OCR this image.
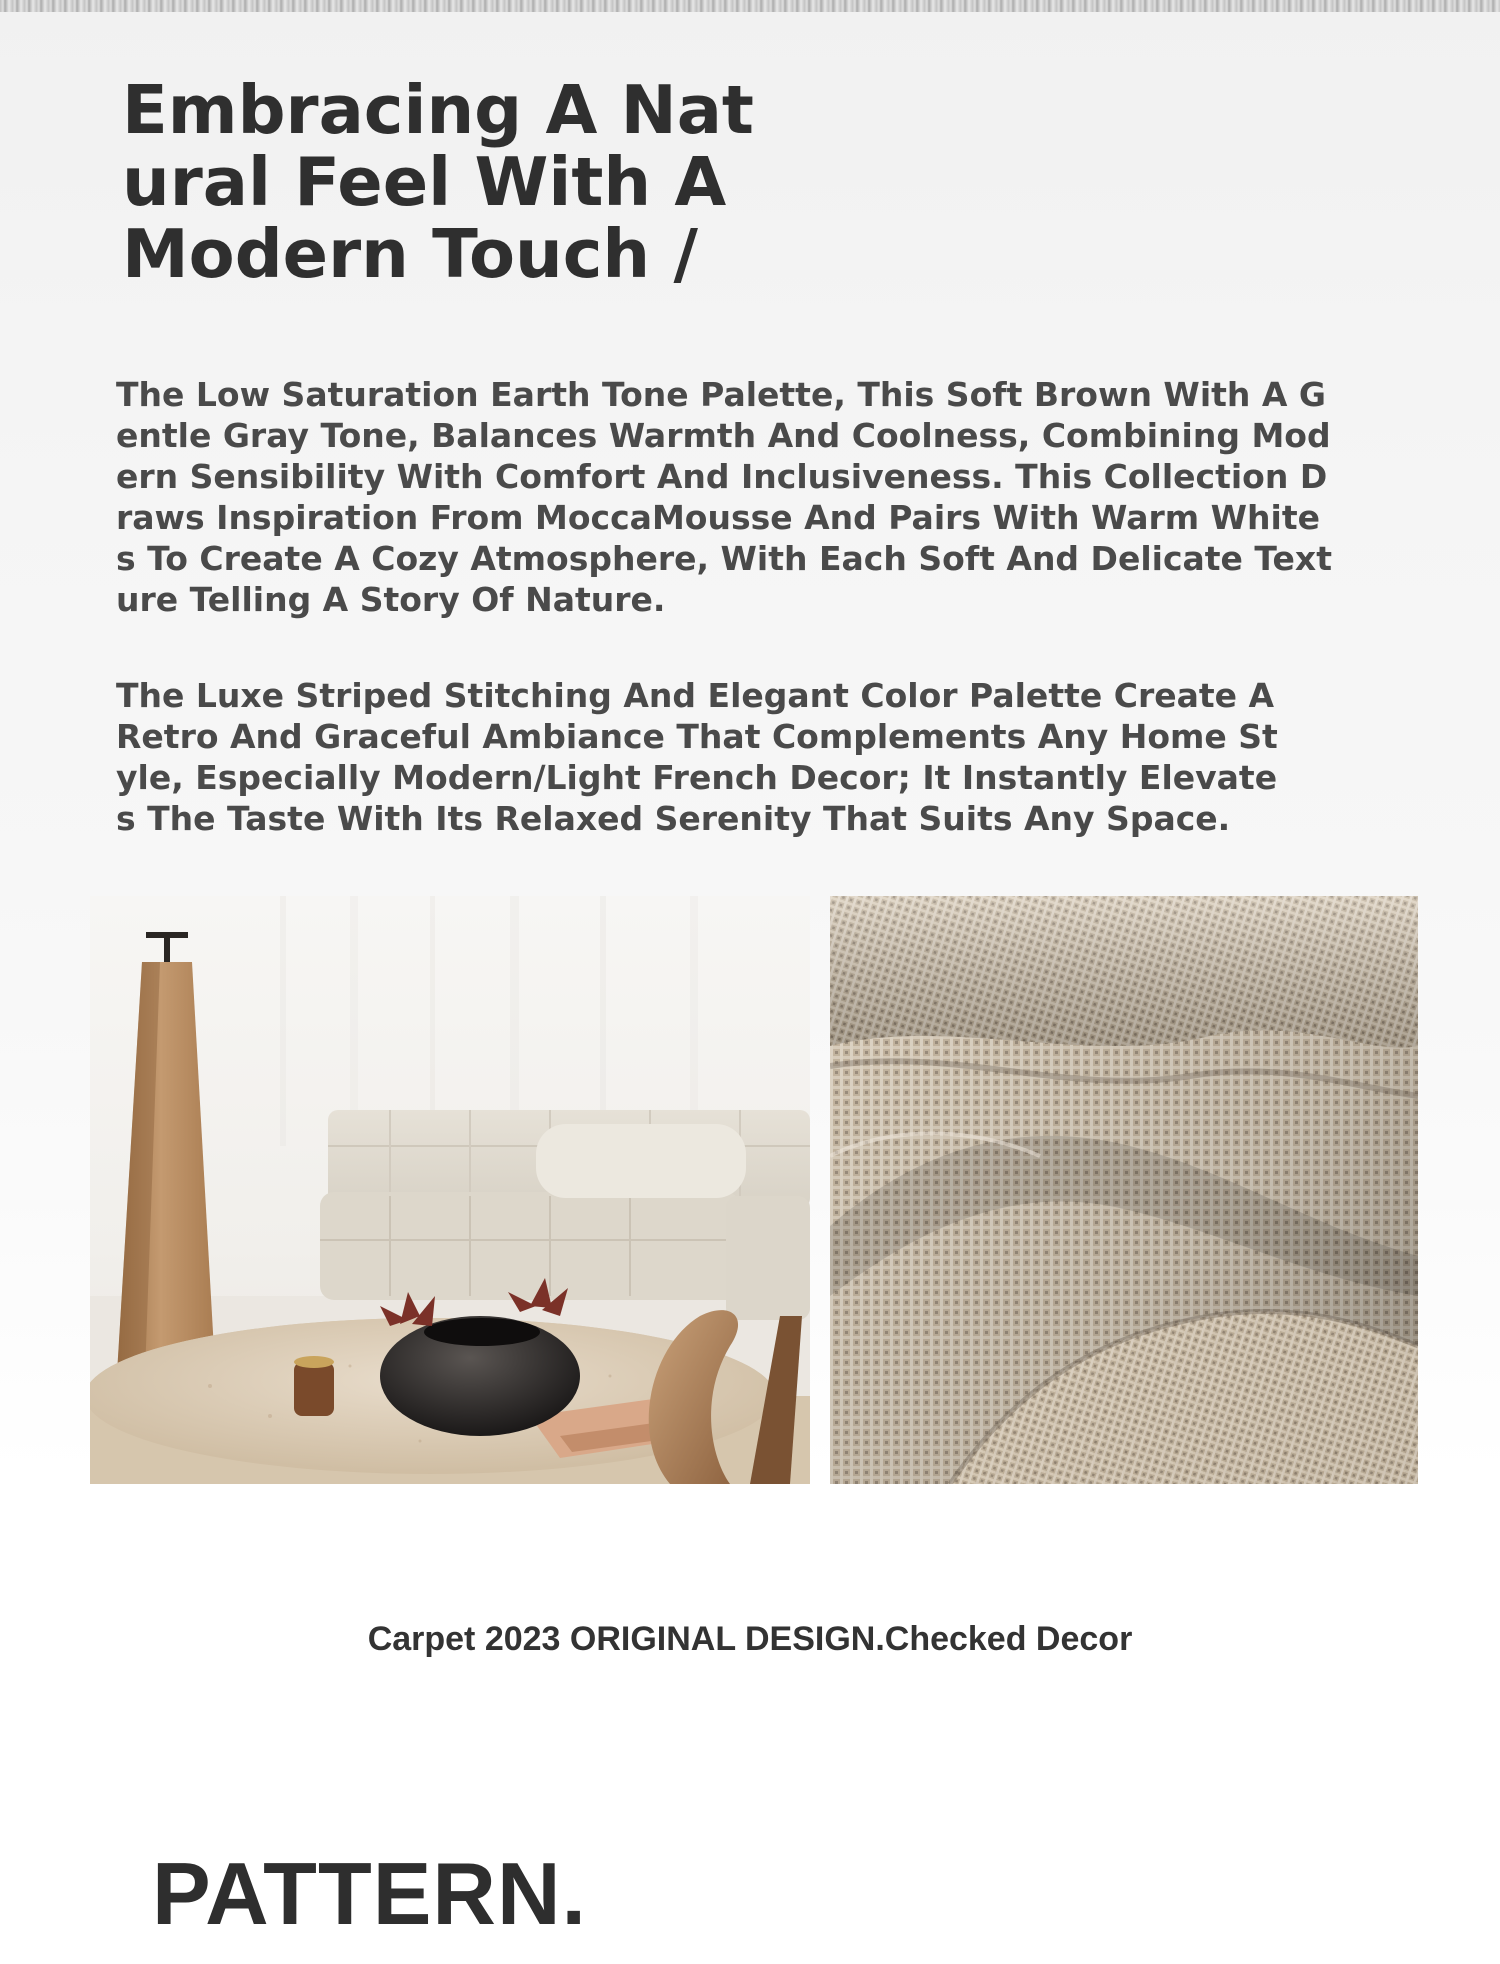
Embracing A Nat
ural Feel With A
Modern Touch /

The Low Saturation Earth Tone Palette, This Soft Brown With A G
entle Gray Tone, Balances Warmth And Coolness, Combining Mod
ern Sensibility With Comfort And Inclusiveness. This Collection D
raws Inspiration From MoccaMousse And Pairs With Warm White
s To Create A Cozy Atmosphere, With Each Soft And Delicate Text
ure Telling A Story Of Nature.

The Luxe Striped Stitching And Elegant Color Palette Create A
Retro And Graceful Ambiance That Complements Any Home St
yle, Especially Modern/Light French Decor; It Instantly Elevate
s The Taste With Its Relaxed Serenity That Suits Any Space.

Carpet 2023 ORIGINAL DESIGN.Checked Decor

PATTERN.
